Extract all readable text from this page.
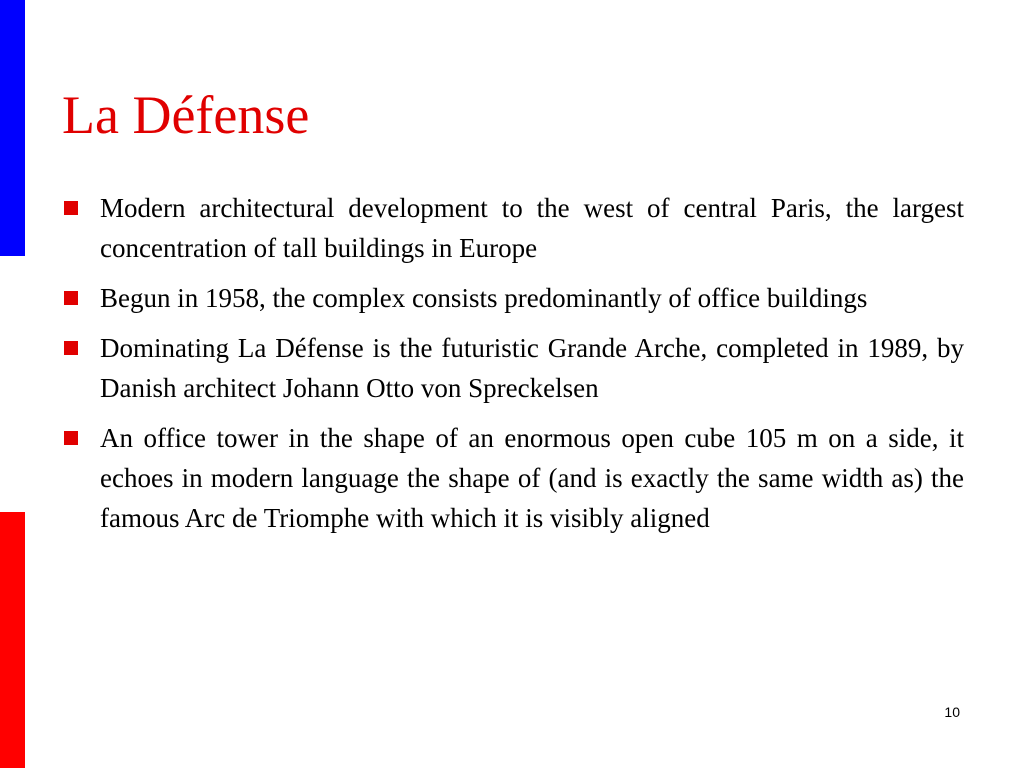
La Défense
Modern architectural development to the west of central Paris, the largest concentration of tall buildings in Europe
Begun in 1958, the complex consists predominantly of office buildings
Dominating La Défense is the futuristic Grande Arche, completed in 1989, by Danish architect Johann Otto von Spreckelsen
An office tower in the shape of an enormous open cube 105 m on a side, it echoes in modern language the shape of (and is exactly the same width as) the famous Arc de Triomphe with which it is visibly aligned
10
